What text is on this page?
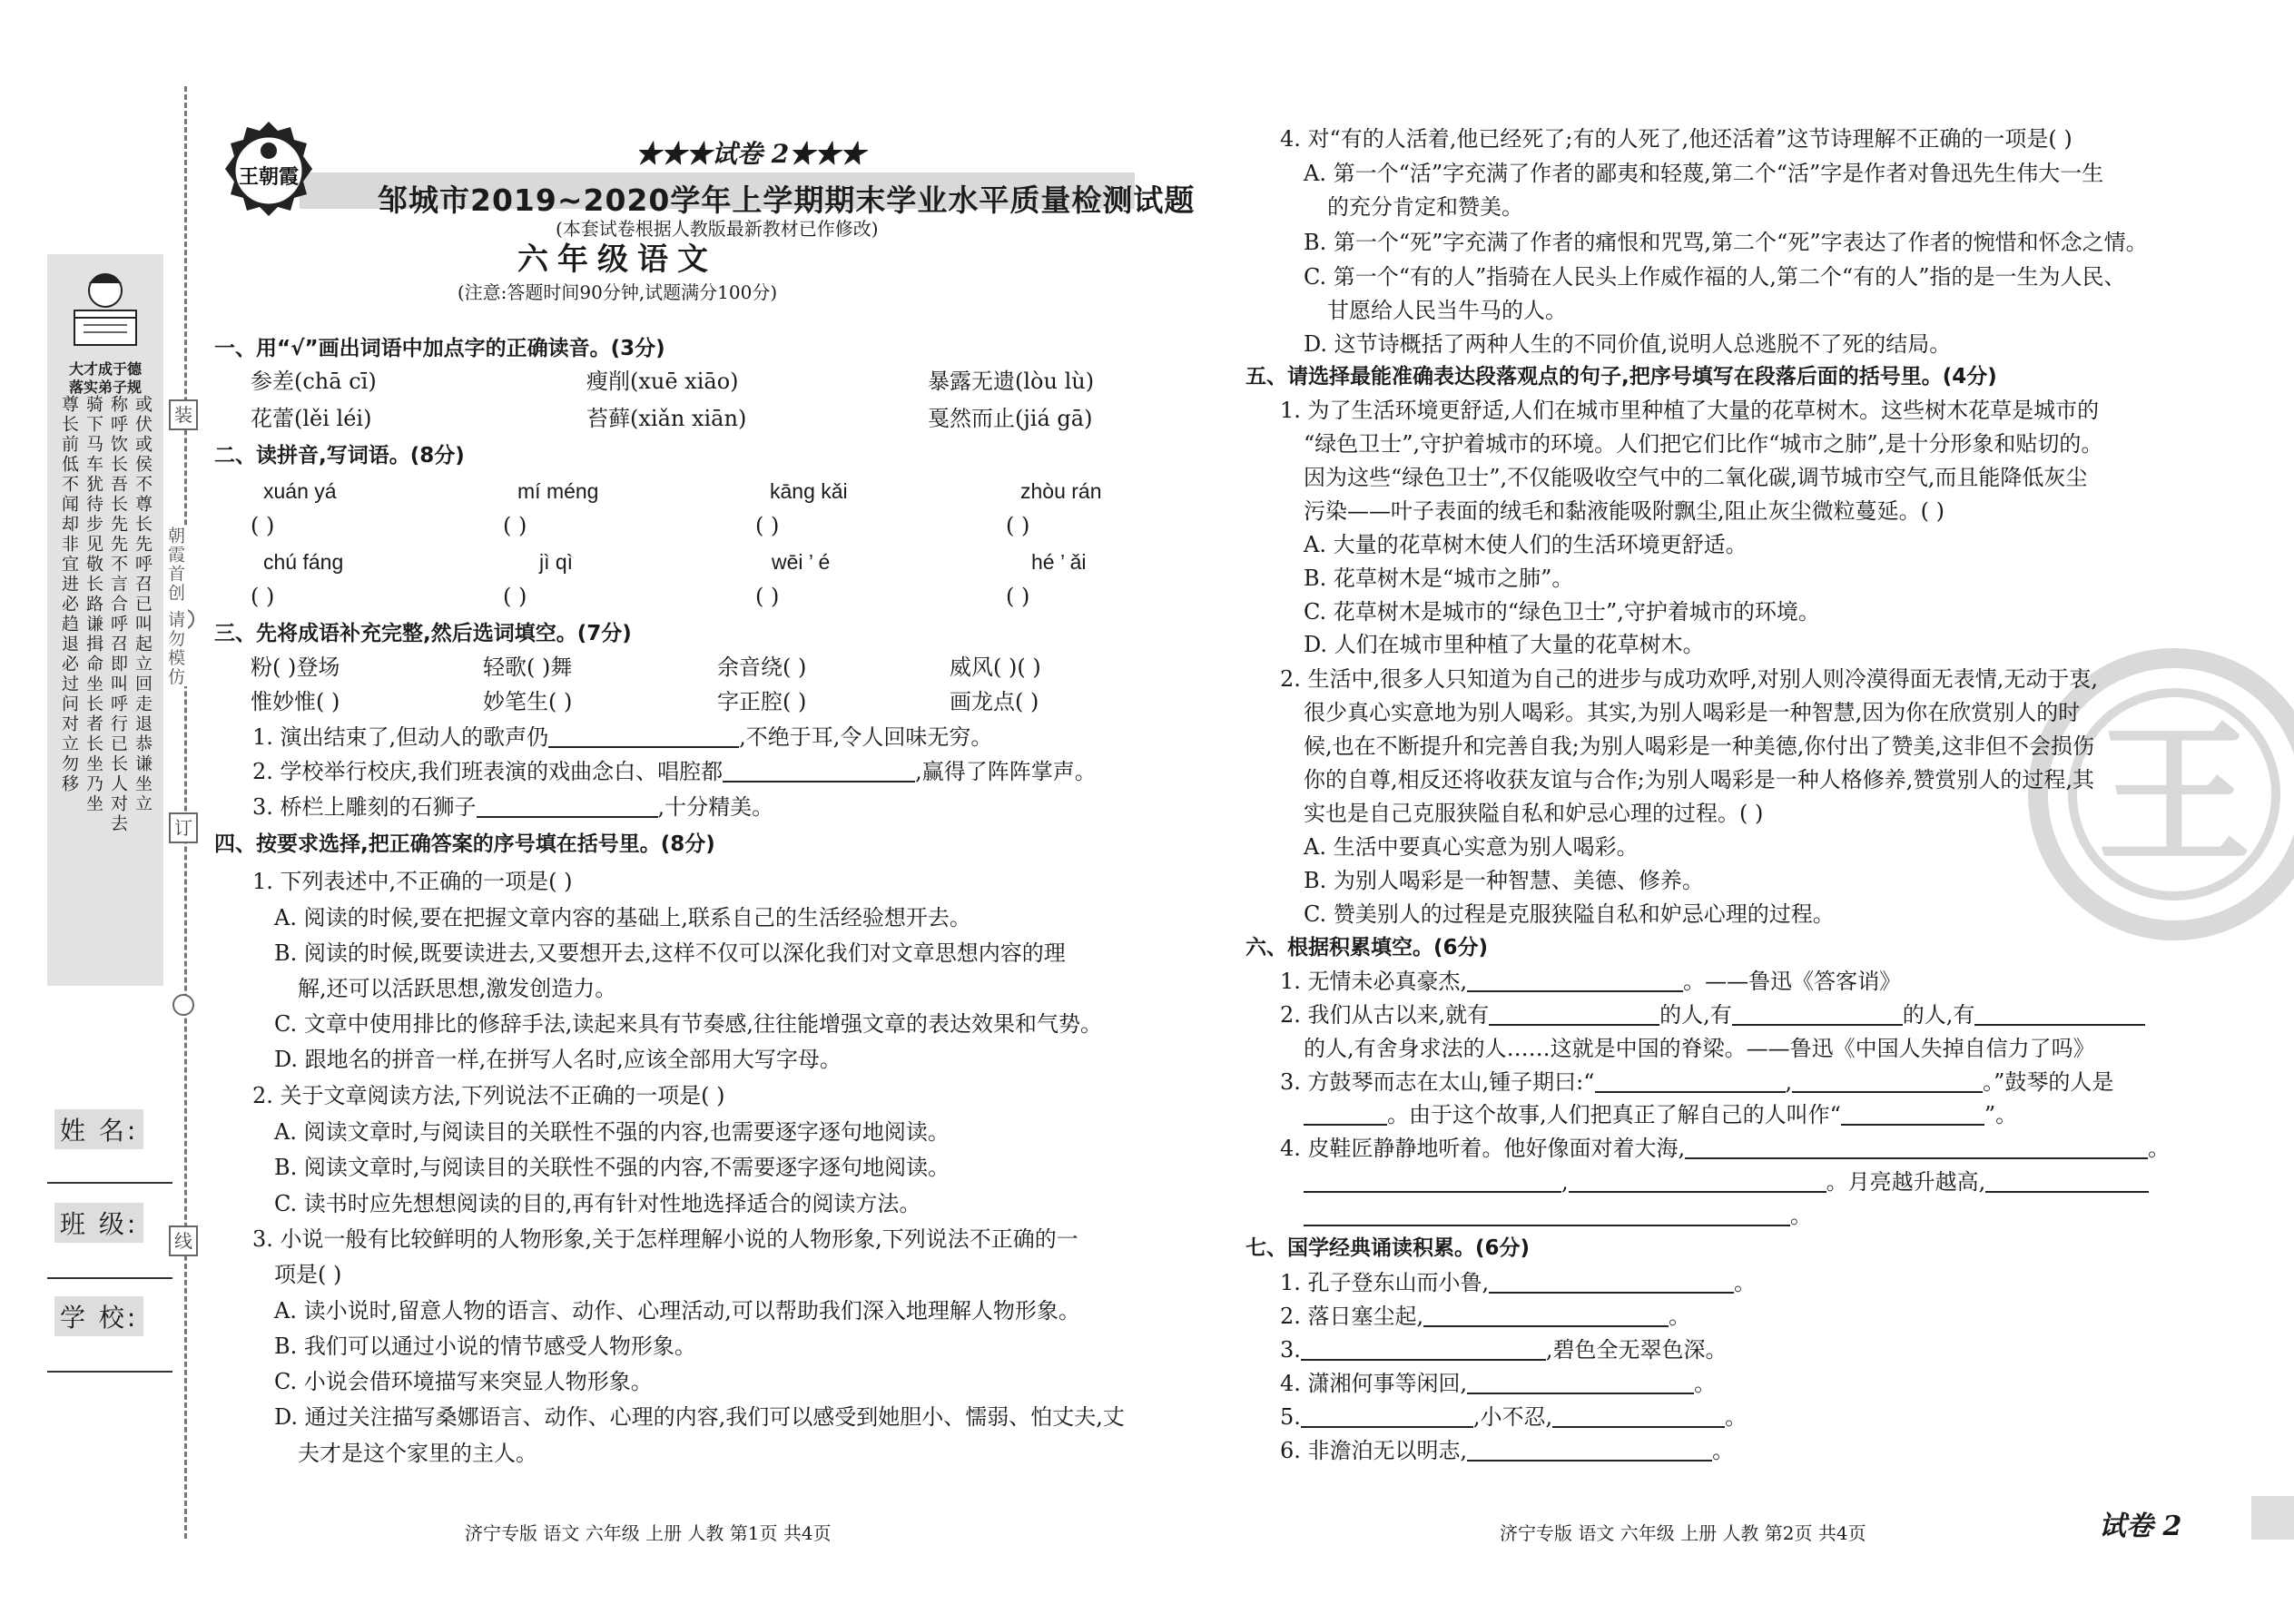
大才成于德
落实弟子规
尊长前低不闻却非宜进必趋退必过问对立勿移 骑下马车犹待步见敬长路谦揖命坐长者长坐乃坐 称呼饮长吾长先先不言合呼召即叫呼行已长人对去 或伏或侯不尊长先呼召已叫起立回走退恭谦坐立	装
订
线
朝霞首创 请勿模仿
姓 名:
班 级:
学 校:
王朝霞
★★★试卷 2★★★
邹城市2019~2020学年上学期期末学业水平质量检测试题
(本套试卷根据人教版最新教材已作修改)
六年级语文
(注意:答题时间90分钟,试题满分100分)
一、用“√”画出词语中加点字的正确读音。(3分)
参差(chā cī)	瘦削(xuē xiāo)	暴露无遗(lòu lù)
花蕾(lěi léi)	苔藓(xiǎn xiān)	戛然而止(jiá gā)
二、读拼音,写词语。(8分)
xuán yá	mí méng	kāng kǎi	zhòu rán
( )	( )	( )	( )
chú fáng	jì qì	wēi ’ é	hé ’ ǎi
( )	( )	( )	( )
三、先将成语补充完整,然后选词填空。(7分)
粉( )登场	轻歌( )舞	余音绕( )	威风( )( )
惟妙惟( )	妙笔生( )	字正腔( )	画龙点( )
1. 演出结束了,但动人的歌声仍	,不绝于耳,令人回味无穷。
2. 学校举行校庆,我们班表演的戏曲念白、唱腔都	,赢得了阵阵掌声。
3. 桥栏上雕刻的石狮子	,十分精美。
四、按要求选择,把正确答案的序号填在括号里。(8分)
1. 下列表述中,不正确的一项是( )
A. 阅读的时候,要在把握文章内容的基础上,联系自己的生活经验想开去。
B. 阅读的时候,既要读进去,又要想开去,这样不仅可以深化我们对文章思想内容的理
解,还可以活跃思想,激发创造力。
C. 文章中使用排比的修辞手法,读起来具有节奏感,往往能增强文章的表达效果和气势。
D. 跟地名的拼音一样,在拼写人名时,应该全部用大写字母。
2. 关于文章阅读方法,下列说法不正确的一项是( )
A. 阅读文章时,与阅读目的关联性不强的内容,也需要逐字逐句地阅读。
B. 阅读文章时,与阅读目的关联性不强的内容,不需要逐字逐句地阅读。
C. 读书时应先想想阅读的目的,再有针对性地选择适合的阅读方法。
3. 小说一般有比较鲜明的人物形象,关于怎样理解小说的人物形象,下列说法不正确的一
项是( )
A. 读小说时,留意人物的语言、动作、心理活动,可以帮助我们深入地理解人物形象。
B. 我们可以通过小说的情节感受人物形象。
C. 小说会借环境描写来突显人物形象。
D. 通过关注描写桑娜语言、动作、心理的内容,我们可以感受到她胆小、懦弱、怕丈夫,丈
夫才是这个家里的主人。
济宁专版 语文 六年级 上册 人教 第1页 共4页
王
4. 对“有的人活着,他已经死了;有的人死了,他还活着”这节诗理解不正确的一项是( )
A. 第一个“活”字充满了作者的鄙夷和轻蔑,第二个“活”字是作者对鲁迅先生伟大一生
的充分肯定和赞美。
B. 第一个“死”字充满了作者的痛恨和咒骂,第二个“死”字表达了作者的惋惜和怀念之情。
C. 第一个“有的人”指骑在人民头上作威作福的人,第二个“有的人”指的是一生为人民、
甘愿给人民当牛马的人。
D. 这节诗概括了两种人生的不同价值,说明人总逃脱不了死的结局。
五、请选择最能准确表达段落观点的句子,把序号填写在段落后面的括号里。(4分)
1. 为了生活环境更舒适,人们在城市里种植了大量的花草树木。这些树木花草是城市的
“绿色卫士”,守护着城市的环境。人们把它们比作“城市之肺”,是十分形象和贴切的。
因为这些“绿色卫士”,不仅能吸收空气中的二氧化碳,调节城市空气,而且能降低灰尘
污染——叶子表面的绒毛和黏液能吸附飘尘,阻止灰尘微粒蔓延。( )
A. 大量的花草树木使人们的生活环境更舒适。
B. 花草树木是“城市之肺”。
C. 花草树木是城市的“绿色卫士”,守护着城市的环境。
D. 人们在城市里种植了大量的花草树木。
2. 生活中,很多人只知道为自己的进步与成功欢呼,对别人则冷漠得面无表情,无动于衷,
很少真心实意地为别人喝彩。其实,为别人喝彩是一种智慧,因为你在欣赏别人的时
候,也在不断提升和完善自我;为别人喝彩是一种美德,你付出了赞美,这非但不会损伤
你的自尊,相反还将收获友谊与合作;为别人喝彩是一种人格修养,赞赏别人的过程,其
实也是自己克服狭隘自私和妒忌心理的过程。( )
A. 生活中要真心实意为别人喝彩。
B. 为别人喝彩是一种智慧、美德、修养。
C. 赞美别人的过程是克服狭隘自私和妒忌心理的过程。
六、根据积累填空。(6分)
1. 无情未必真豪杰,	。——鲁迅《答客诮》
2. 我们从古以来,就有	的人,有	的人,有
的人,有舍身求法的人……这就是中国的脊梁。——鲁迅《中国人失掉自信力了吗》
3. 方鼓琴而志在太山,锺子期曰:“	,	。”鼓琴的人是
。由于这个故事,人们把真正了解自己的人叫作“	”。
4. 皮鞋匠静静地听着。他好像面对着大海,	。
,	。月亮越升越高,
。
七、国学经典诵读积累。(6分)
1. 孔子登东山而小鲁,	。
2. 落日塞尘起,	。
3.	,碧色全无翠色深。
4. 潇湘何事等闲回,	。
5.	,小不忍,	。
6. 非澹泊无以明志,	。
济宁专版 语文 六年级 上册 人教 第2页 共4页	试卷 2
